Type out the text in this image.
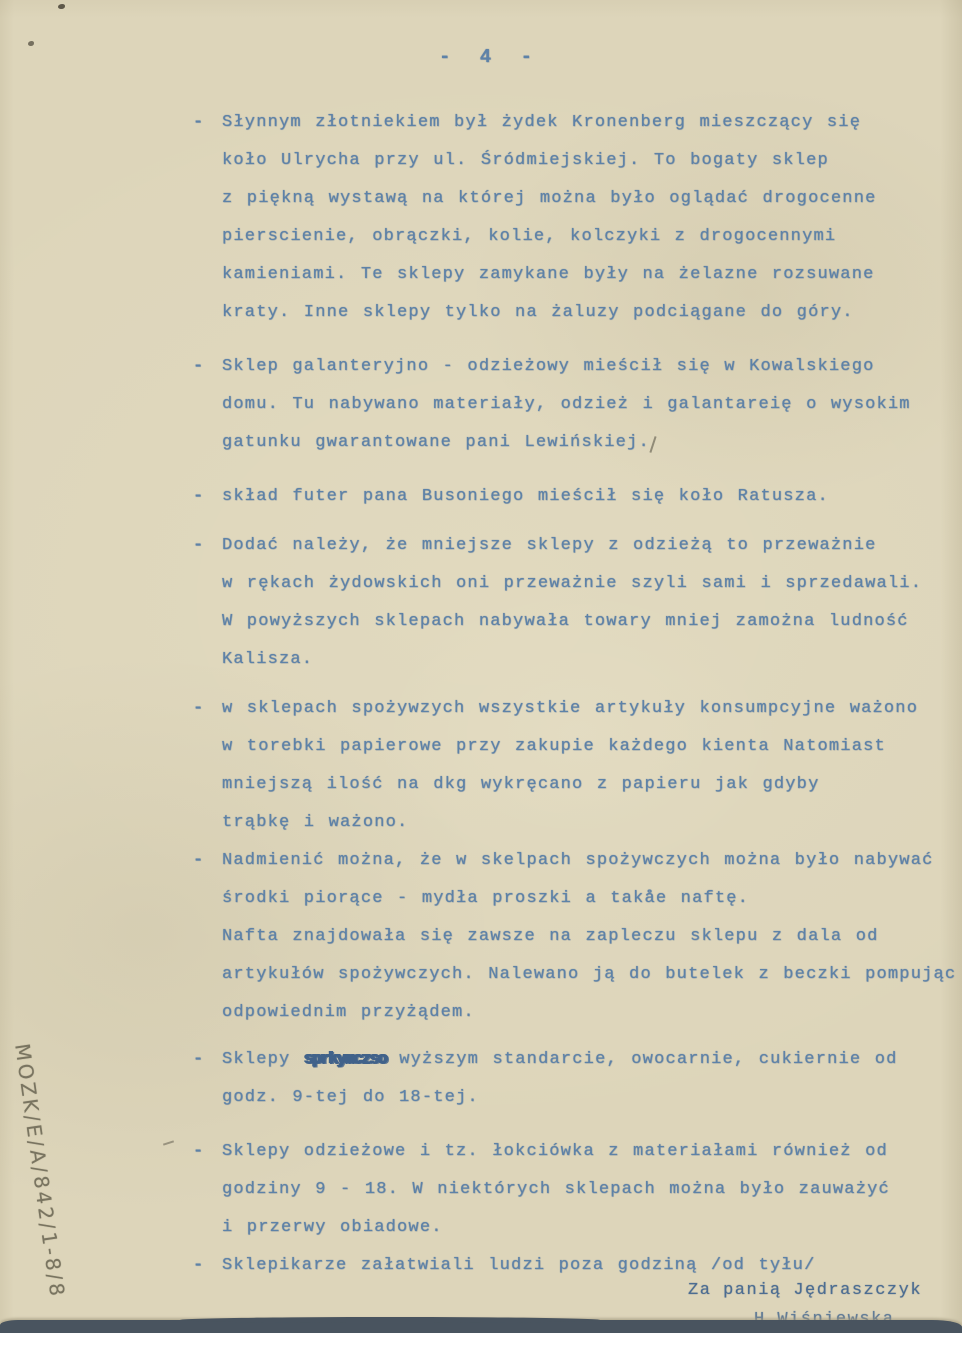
- 4 -
- Słynnym złotniekiem był żydek Kronenberg mieszczący się
koło Ulrycha przy ul. Śródmiejskiej. To bogaty sklep
z piękną wystawą na której można było oglądać drogocenne
pierscienie, obrączki, kolie, kolczyki z drogocennymi
kamieniami. Te sklepy zamykane były na żelazne rozsuwane
kraty. Inne sklepy tylko na żaluzy podciągane do góry.
- Sklep galanteryjno - odzieżowy mieścił się w Kowalskiego
domu. Tu nabywano materiały, odzież i galantareię o wysokim
gatunku gwarantowane pani Lewińskiej.
- skład futer pana Busoniego mieścił się koło Ratusza.
- Dodać należy, że mniejsze sklepy z odzieżą to przeważnie
w rękach żydowskich oni przeważnie szyli sami i sprzedawali.
W powyższych sklepach nabywała towary mniej zamożna ludność
Kalisza.
- w sklepach spożywzych wszystkie artykuły konsumpcyjne ważono
w torebki papierowe przy zakupie każdego kienta Natomiast
mniejszą ilość na dkg wykręcano z papieru jak gdyby
trąbkę i ważono.
- Nadmienić można, że w skelpach spożywczych można było nabywać
środki piorące - mydła proszki a takåe naftę.
Nafta znajdowała się zawsze na zapleczu sklepu z dala od
artykułów spożywczych. Nalewano ją do butelek z beczki pompując
odpowiednim przyżądem.
- Sklepy sprkymczso wyższym standarcie, owocarnie, cukiernie od
godz. 9-tej do 18-tej.
- Sklepy odzieżowe i tz. łokciówka z materiałami również od
godziny 9 - 18. W niektórych sklepach można było zauważyć
i przerwy obiadowe.
- Sklepikarze załatwiali ludzi poza godziną /od tyłu/
MOZK/E/A/842/1-8/8	Za panią Jędraszczyk
